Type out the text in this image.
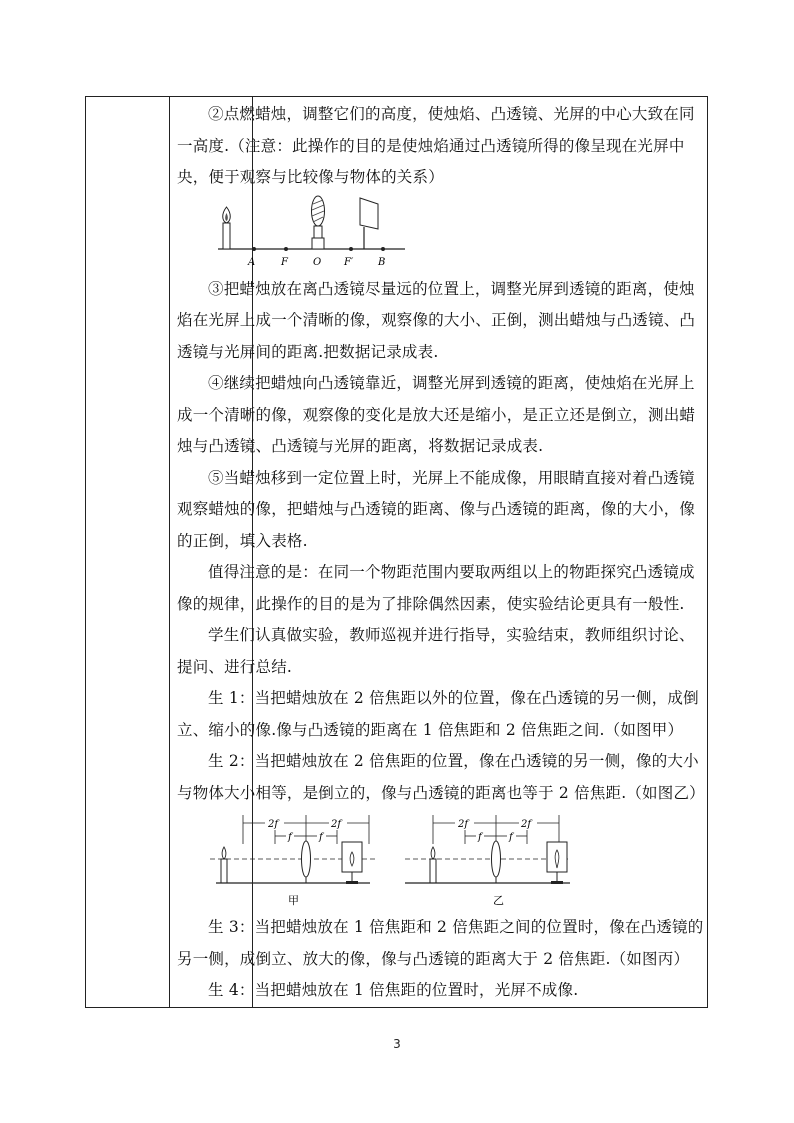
②点燃蜡烛，调整它们的高度，使烛焰、凸透镜、光屏的中心大致在同一高度.（注意：此操作的目的是使烛焰通过凸透镜所得的像呈现在光屏中央，便于观察与比较像与物体的关系）

A	F	O F′ B

③把蜡烛放在离凸透镜尽量远的位置上，调整光屏到透镜的距离，使烛焰在光屏上成一个清晰的像，观察像的大小、正倒，测出蜡烛与凸透镜、凸透镜与光屏间的距离.把数据记录成表.

④继续把蜡烛向凸透镜靠近，调整光屏到透镜的距离，使烛焰在光屏上成一个清晰的像，观察像的变化是放大还是缩小，是正立还是倒立，测出蜡烛与凸透镜、凸透镜与光屏的距离，将数据记录成表.

⑤当蜡烛移到一定位置上时，光屏上不能成像，用眼睛直接对着凸透镜观察蜡烛的像，把蜡烛与凸透镜的距离、像与凸透镜的距离，像的大小，像的正倒，填入表格.

值得注意的是：在同一个物距范围内要取两组以上的物距探究凸透镜成像的规律，此操作的目的是为了排除偶然因素，使实验结论更具有一般性.

学生们认真做实验，教师巡视并进行指导，实验结束，教师组织讨论、提问、进行总结.

生 1：当把蜡烛放在 2 倍焦距以外的位置，像在凸透镜的另一侧，成倒立、缩小的像.像与凸透镜的距离在 1 倍焦距和 2 倍焦距之间.（如图甲）

生 2：当把蜡烛放在 2 倍焦距的位置，像在凸透镜的另一侧，像的大小与物体大小相等，是倒立的，像与凸透镜的距离也等于 2 倍焦距.（如图乙）

2f	2f
f	f
甲
2f	2f
f	f
乙

生 3：当把蜡烛放在 1 倍焦距和 2 倍焦距之间的位置时，像在凸透镜的另一侧，成倒立、放大的像，像与凸透镜的距离大于 2 倍焦距.（如图丙）

生 4：当把蜡烛放在 1 倍焦距的位置时，光屏不成像.

3
